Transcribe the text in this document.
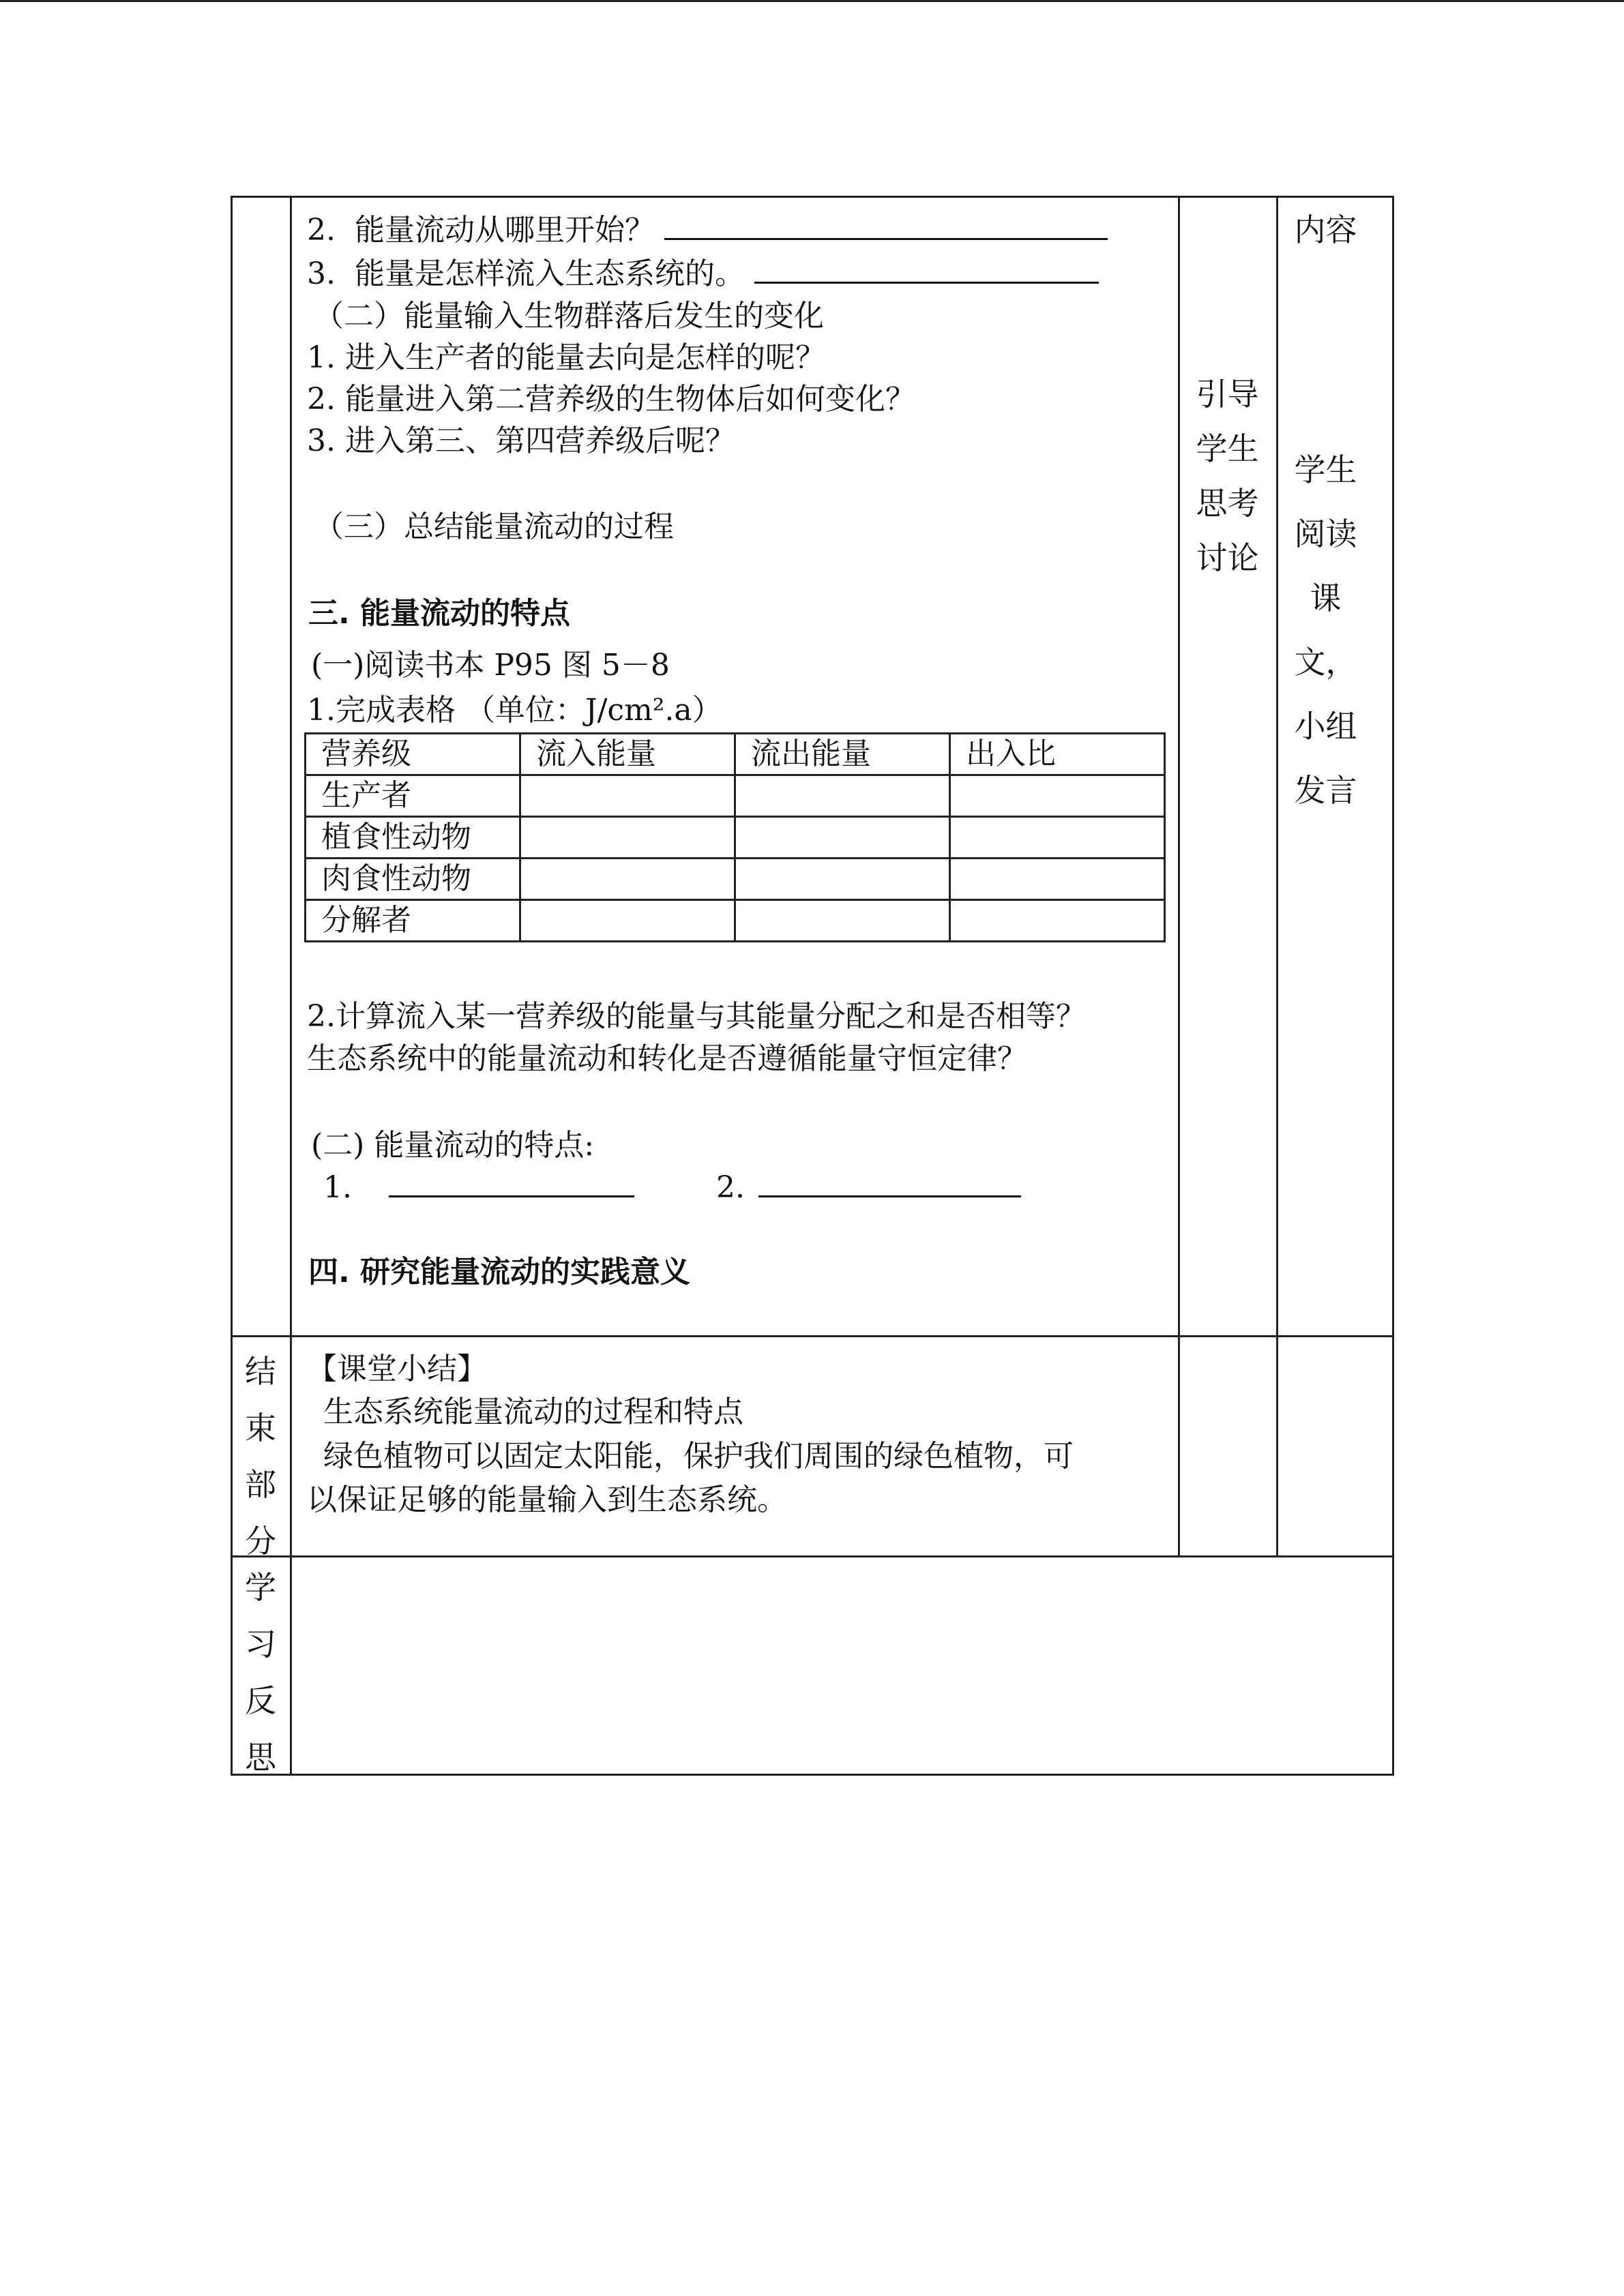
2. 能量流动从哪里开始？
3. 能量是怎样流入生态系统的。
（二）能量输入生物群落后发生的变化
1. 进入生产者的能量去向是怎样的呢？
2. 能量进入第二营养级的生物体后如何变化？
3. 进入第三、第四营养级后呢？
（三）总结能量流动的过程
三. 能量流动的特点
(一)阅读书本 P95 图 5－8
1.完成表格 （单位：J/cm².a）
营养级	流入能量	流出能量	出入比
生产者			
植食性动物			
肉食性动物			
分解者			
2.计算流入某一营养级的能量与其能量分配之和是否相等？
生态系统中的能量流动和转化是否遵循能量守恒定律？
(二) 能量流动的特点:
1.	2.
四. 研究能量流动的实践意义
引导
学生
思考
讨论
内容
学生
阅读
课
文，
小组
发言
结
束
部
分
【课堂小结】
生态系统能量流动的过程和特点
绿色植物可以固定太阳能，保护我们周围的绿色植物，可
以保证足够的能量输入到生态系统。
学
习
反
思
